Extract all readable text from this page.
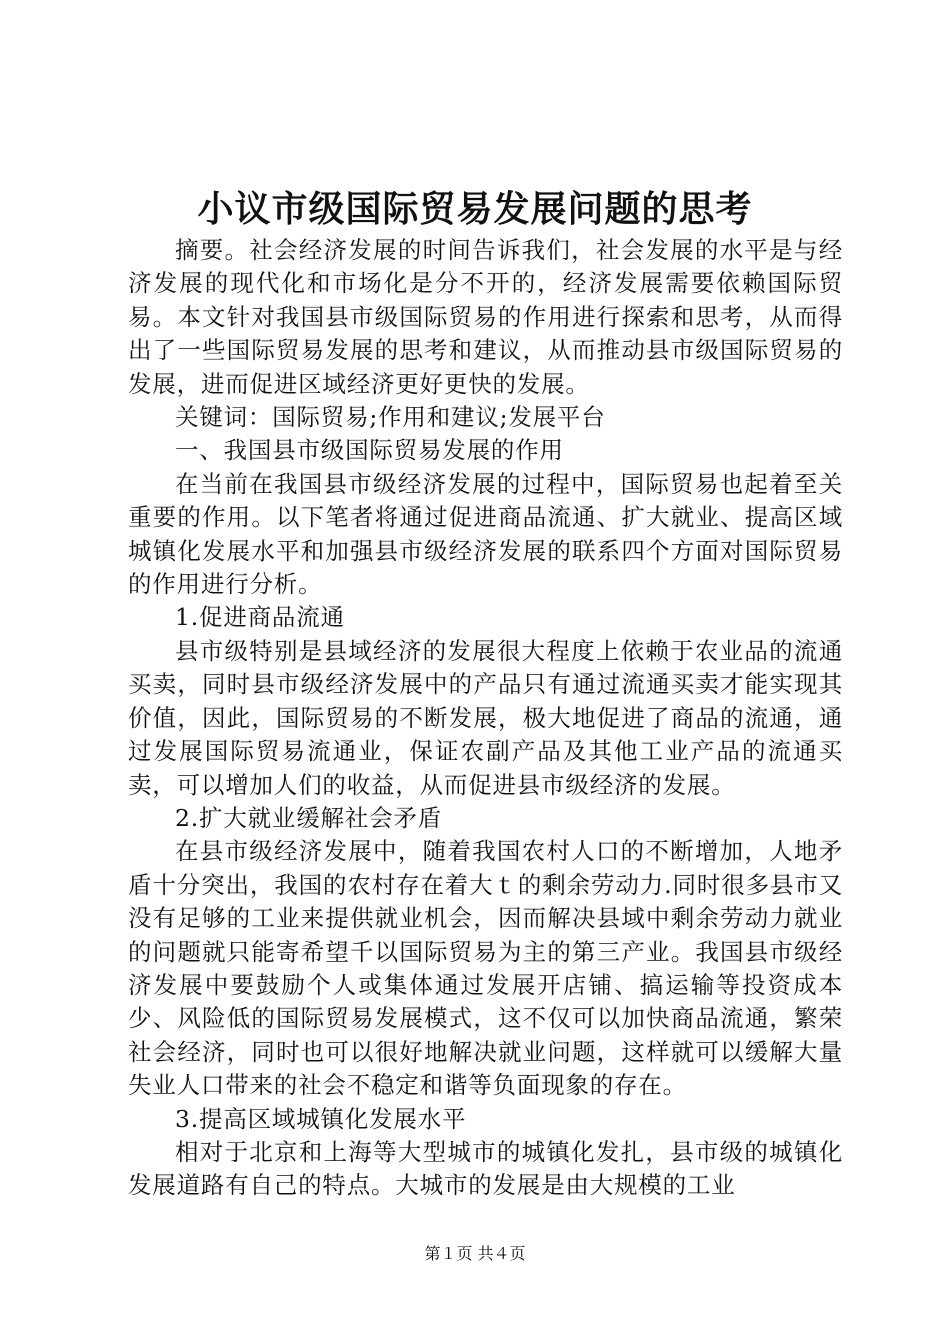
小议市级国际贸易发展问题的思考

摘要。社会经济发展的时间告诉我们，社会发展的水平是与经济发展的现代化和市场化是分不开的，经济发展需要依赖国际贸易。本文针对我国县市级国际贸易的作用进行探索和思考，从而得出了一些国际贸易发展的思考和建议，从而推动县市级国际贸易的发展，进而促进区域经济更好更快的发展。

关键词：国际贸易;作用和建议;发展平台

一、我国县市级国际贸易发展的作用

在当前在我国县市级经济发展的过程中，国际贸易也起着至关重要的作用。以下笔者将通过促进商品流通、扩大就业、提高区域城镇化发展水平和加强县市级经济发展的联系四个方面对国际贸易的作用进行分析。

1.促进商品流通

县市级特别是县域经济的发展很大程度上依赖于农业品的流通买卖，同时县市级经济发展中的产品只有通过流通买卖才能实现其价值，因此，国际贸易的不断发展，极大地促进了商品的流通，通过发展国际贸易流通业，保证农副产品及其他工业产品的流通买卖，可以增加人们的收益，从而促进县市级经济的发展。

2.扩大就业缓解社会矛盾

在县市级经济发展中，随着我国农村人口的不断增加，人地矛盾十分突出，我国的农村存在着大ｔ的剩余劳动力.同时很多县市又没有足够的工业来提供就业机会，因而解决县域中剩余劳动力就业的问题就只能寄希望千以国际贸易为主的第三产业。我国县市级经济发展中要鼓励个人或集体通过发展开店铺、搞运输等投资成本少、风险低的国际贸易发展模式，这不仅可以加快商品流通，繁荣社会经济，同时也可以很好地解决就业问题，这样就可以缓解大量失业人口带来的社会不稳定和谐等负面现象的存在。

3.提高区域城镇化发展水平

相对于北京和上海等大型城市的城镇化发扎，县市级的城镇化发展道路有自己的特点。大城市的发展是由大规模的工业

第１页 共４页
